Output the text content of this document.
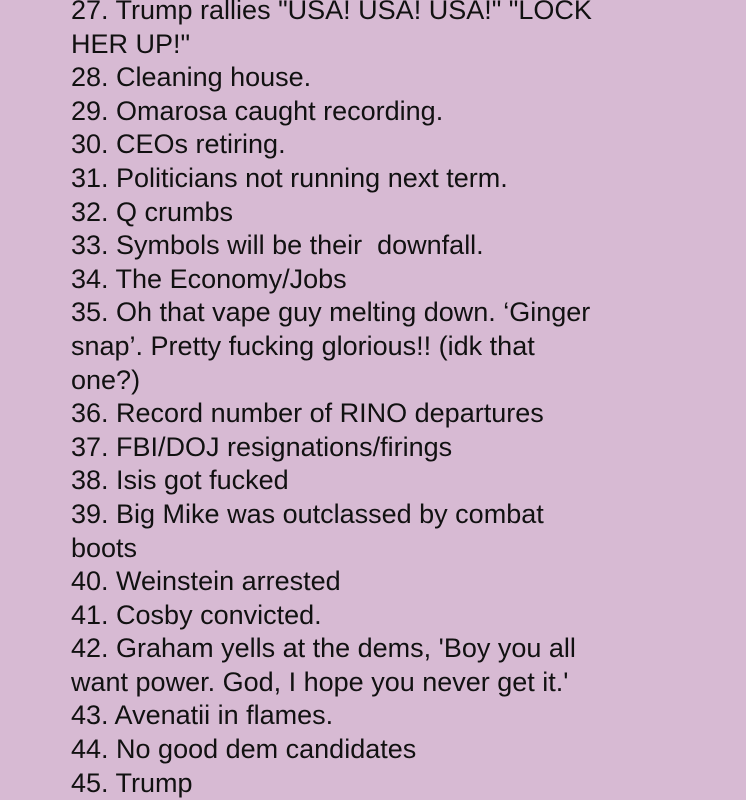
27. Trump rallies "USA! USA! USA!" "LOCK
HER UP!"
28. Cleaning house.
29. Omarosa caught recording.
30. CEOs retiring.
31. Politicians not running next term.
32. Q crumbs
33. Symbols will be their  downfall.
34. The Economy/Jobs
35. Oh that vape guy melting down. ‘Ginger
snap’. Pretty fucking glorious!! (idk that
one?)
36. Record number of RINO departures
37. FBI/DOJ resignations/firings
38. Isis got fucked
39. Big Mike was outclassed by combat
boots
40. Weinstein arrested
41. Cosby convicted.
42. Graham yells at the dems, 'Boy you all
want power. God, I hope you never get it.'
43. Avenatii in flames.
44. No good dem candidates
45. Trump
